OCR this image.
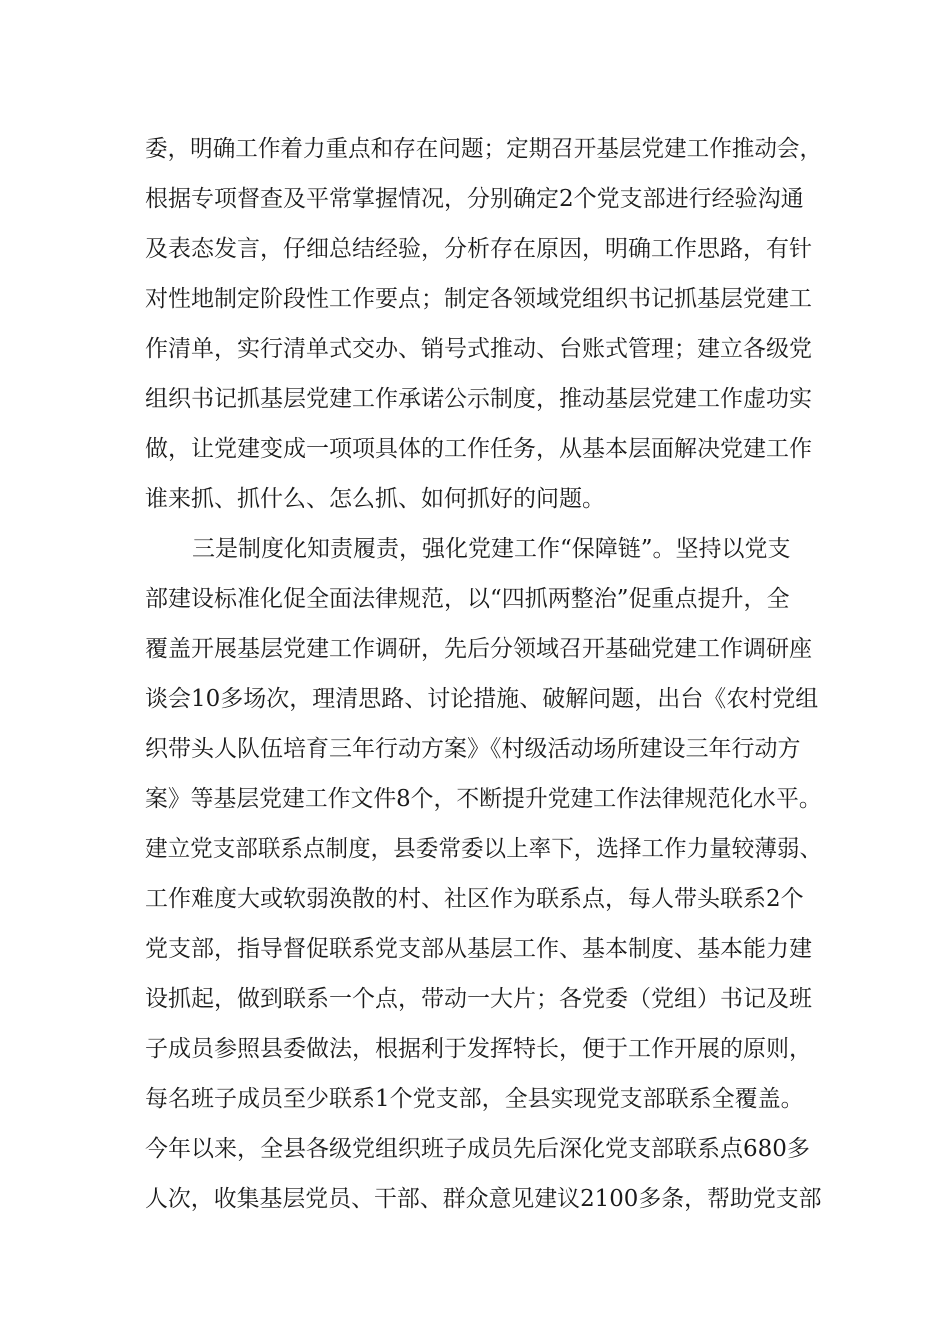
委，明确工作着力重点和存在问题；定期召开基层党建工作推动会，
根据专项督查及平常掌握情况，分别确定2个党支部进行经验沟通
及表态发言，仔细总结经验，分析存在原因，明确工作思路，有针
对性地制定阶段性工作要点；制定各领域党组织书记抓基层党建工
作清单，实行清单式交办、销号式推动、台账式管理；建立各级党
组织书记抓基层党建工作承诺公示制度，推动基层党建工作虚功实
做，让党建变成一项项具体的工作任务，从基本层面解决党建工作
谁来抓、抓什么、怎么抓、如何抓好的问题。
三是制度化知责履责，强化党建工作“保障链”。坚持以党支
部建设标准化促全面法律规范，以“四抓两整治”促重点提升，全
覆盖开展基层党建工作调研，先后分领域召开基础党建工作调研座
谈会10多场次，理清思路、讨论措施、破解问题，出台《农村党组
织带头人队伍培育三年行动方案》《村级活动场所建设三年行动方
案》等基层党建工作文件8个，不断提升党建工作法律规范化水平。
建立党支部联系点制度，县委常委以上率下，选择工作力量较薄弱、
工作难度大或软弱涣散的村、社区作为联系点，每人带头联系2个
党支部，指导督促联系党支部从基层工作、基本制度、基本能力建
设抓起，做到联系一个点，带动一大片；各党委（党组）书记及班
子成员参照县委做法，根据利于发挥特长，便于工作开展的原则，
每名班子成员至少联系1个党支部，全县实现党支部联系全覆盖。
今年以来，全县各级党组织班子成员先后深化党支部联系点680多
人次，收集基层党员、干部、群众意见建议2100多条，帮助党支部
